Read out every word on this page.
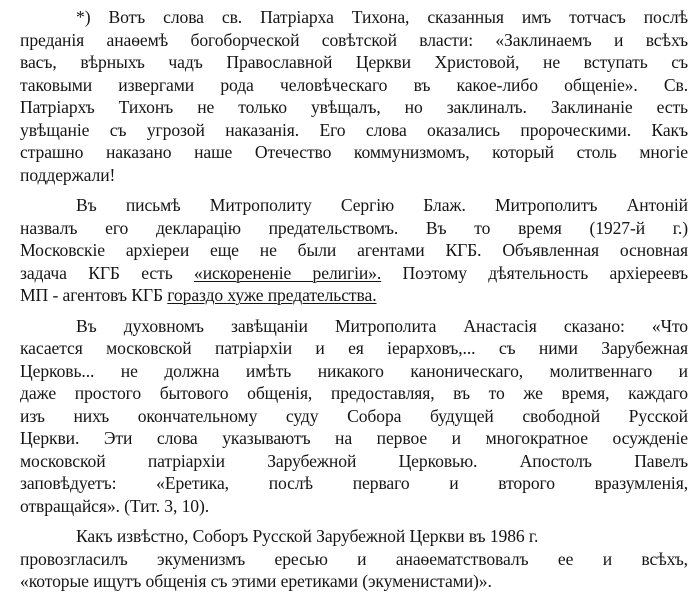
*) Вотъ слова св. Патріарха Тихона, сказанныя имъ тотчасъ послѣ
преданія анаѳемѣ богоборческой совѣтской власти: «Заклинаемъ и всѣхъ
васъ, вѣрныхъ чадъ Православной Церкви Христовой, не вступать съ
таковыми извергами рода человѣческаго въ какое-либо общеніе». Св.
Патріархъ Тихонъ не только увѣщалъ, но заклиналъ. Заклинаніе есть
увѣщаніе съ угрозой наказанія. Его слова оказались пророческими. Какъ
страшно наказано наше Отечество коммунизмомъ, который столь многіе
поддержали!

Въ письмѣ Митрополиту Сергію Блаж. Митрополитъ Антоній
назвалъ его декларацію предательствомъ. Въ то время (1927-й г.)
Московскіе архіереи еще не были агентами КГБ. Объявленная основная
задача КГБ есть «искорененіе религіи». Поэтому дѣятельность архіереевъ
МП - агентовъ КГБ гораздо хуже предательства.

Въ духовномъ завѣщаніи Митрополита Анастасія сказано: «Что
касается московской патріархіи и ея іерарховъ,... съ ними Зарубежная
Церковь... не должна имѣть никакого каноническаго, молитвеннаго и
даже простого бытового общенія, предоставляя, въ то же время, каждаго
изъ нихъ окончательному суду Собора будущей свободной Русской
Церкви. Эти слова указываютъ на первое и многократное осужденіе
московской патріархіи Зарубежной Церковью. Апостолъ Павелъ
заповѣдуетъ: «Еретика, послѣ перваго и второго вразумленія,
отвращайся». (Тит. 3, 10).

Какъ извѣстно, Соборъ Русской Зарубежной Церкви въ 1986 г.
провозгласилъ экуменизмъ ересью и анаѳематствовалъ ее и всѣхъ,
«которые ищутъ общенія съ этими еретиками (экуменистами)».
